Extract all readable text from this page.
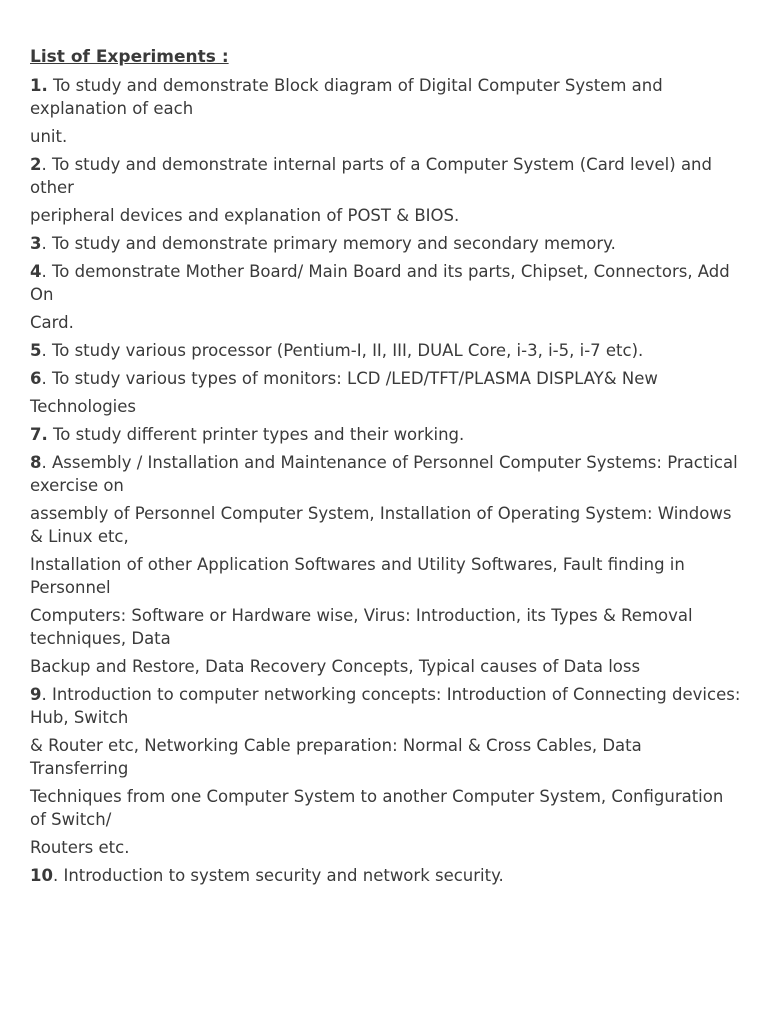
List of Experiments :

1. To study and demonstrate Block diagram of Digital Computer System and explanation of each

unit.

2. To study and demonstrate internal parts of a Computer System (Card level) and other

peripheral devices and explanation of POST & BIOS.

3. To study and demonstrate primary memory and secondary memory.

4. To demonstrate Mother Board/ Main Board and its parts, Chipset, Connectors, Add On

Card.

5. To study various processor (Pentium-I, II, III, DUAL Core, i-3, i-5, i-7 etc).

6. To study various types of monitors: LCD /LED/TFT/PLASMA DISPLAY& New

Technologies

7. To study different printer types and their working.

8. Assembly / Installation and Maintenance of Personnel Computer Systems: Practical exercise on

assembly of Personnel Computer System, Installation of Operating System: Windows & Linux etc,

Installation of other Application Softwares and Utility Softwares, Fault finding in Personnel

Computers: Software or Hardware wise, Virus: Introduction, its Types & Removal techniques, Data

Backup and Restore, Data Recovery Concepts, Typical causes of Data loss

9. Introduction to computer networking concepts: Introduction of Connecting devices: Hub, Switch

& Router etc, Networking Cable preparation: Normal & Cross Cables, Data Transferring

Techniques from one Computer System to another Computer System, Configuration of Switch/

Routers etc.

10. Introduction to system security and network security.
